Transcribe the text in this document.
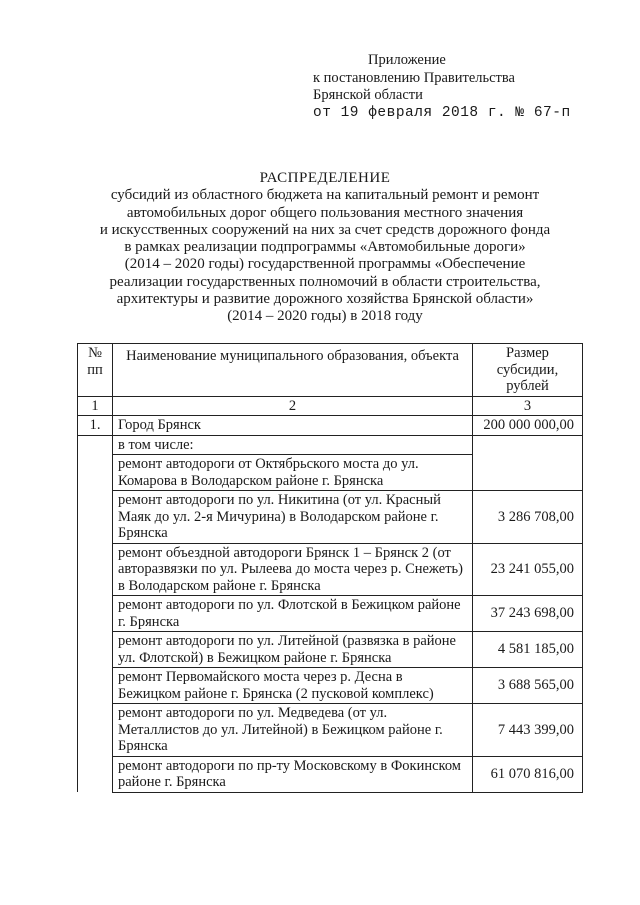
Приложение
к постановлению Правительства
Брянской области
от 19 февраля 2018 г. № 67-п
РАСПРЕДЕЛЕНИЕ
субсидий из областного бюджета на капитальный ремонт и ремонт
автомобильных дорог общего пользования местного значения
и искусственных сооружений на них за счет средств дорожного фонда
в рамках реализации подпрограммы «Автомобильные дороги»
(2014 – 2020 годы) государственной программы «Обеспечение
реализации государственных полномочий в области строительства,
архитектуры и развитие дорожного хозяйства Брянской области»
(2014 – 2020 годы) в 2018 году
№ пп	Наименование муниципального образования, объекта	Размер субсидии, рублей
1	2	3
1.	Город Брянск	200 000 000,00
	в том числе:	
	ремонт автодороги от Октябрьского моста до ул. Комарова в Володарском районе г. Брянска	
	ремонт автодороги по ул. Никитина (от ул. Красный Маяк до ул. 2-я Мичурина) в Володарском районе г. Брянска	3 286 708,00
	ремонт объездной автодороги Брянск 1 – Брянск 2 (от авторазвязки по ул. Рылеева до моста через р. Снежеть) в Володарском районе г. Брянска	23 241 055,00
	ремонт автодороги по ул. Флотской в Бежицком районе г. Брянска	37 243 698,00
	ремонт автодороги по ул. Литейной (развязка в районе ул. Флотской) в Бежицком районе г. Брянска	4 581 185,00
	ремонт Первомайского моста через р. Десна в Бежицком районе г. Брянска (2 пусковой комплекс)	3 688 565,00
	ремонт автодороги по ул. Медведева (от ул. Металлистов до ул. Литейной) в Бежицком районе г. Брянска	7 443 399,00
	ремонт автодороги по пр-ту Московскому в Фокинском районе г. Брянска	61 070 816,00
